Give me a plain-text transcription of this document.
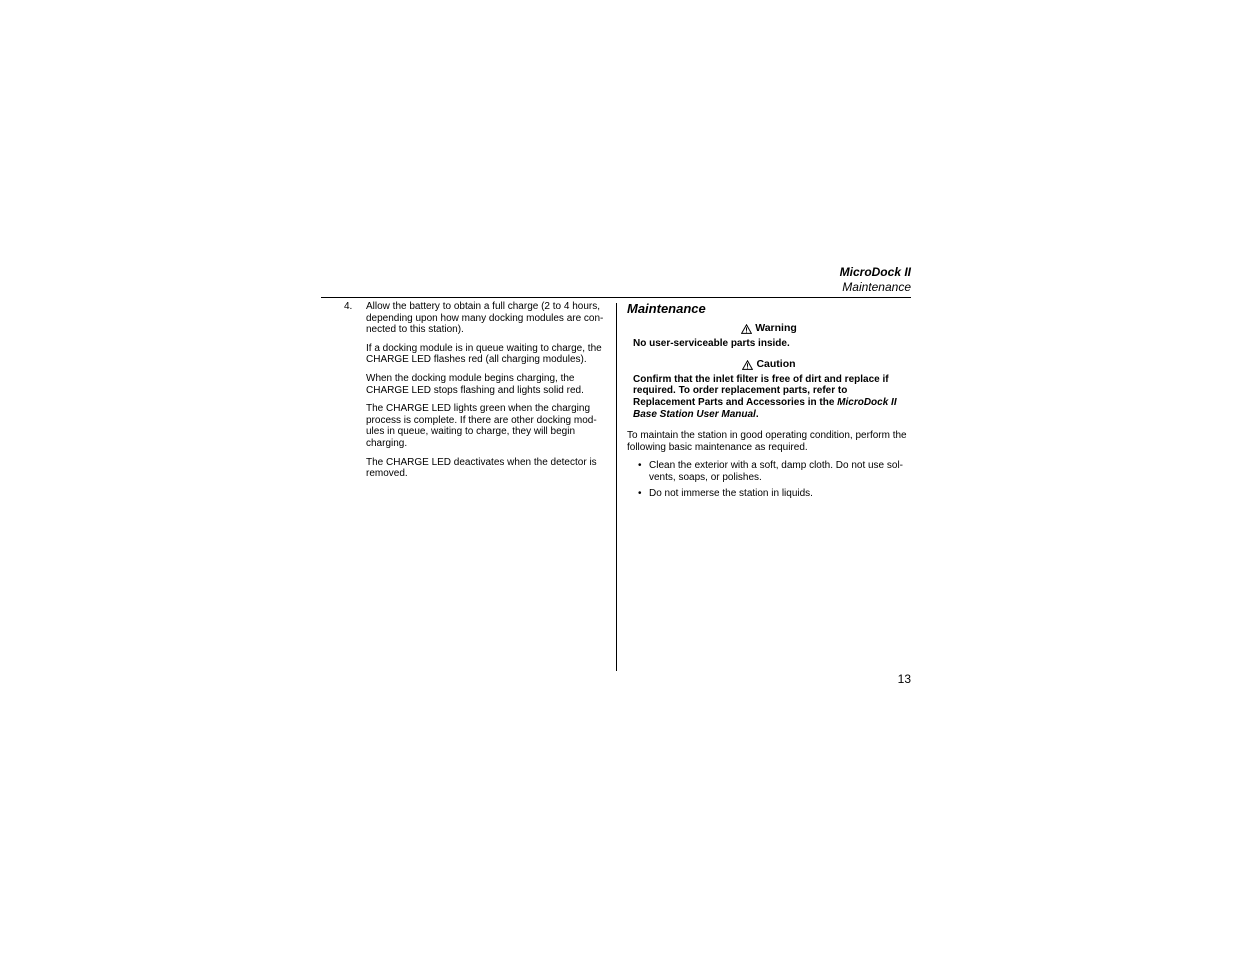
MicroDock II
Maintenance
4. Allow the battery to obtain a full charge (2 to 4 hours, depending upon how many docking modules are con-nected to this station).

If a docking module is in queue waiting to charge, the CHARGE LED flashes red (all charging modules).

When the docking module begins charging, the CHARGE LED stops flashing and lights solid red.

The CHARGE LED lights green when the charging process is complete. If there are other docking mod-ules in queue, waiting to charge, they will begin charging.

The CHARGE LED deactivates when the detector is removed.

Maintenance
Warning

No user-serviceable parts inside.

Caution

Confirm that the inlet filter is free of dirt and replace if required. To order replacement parts, refer to Replacement Parts and Accessories in the MicroDock II Base Station User Manual.

To maintain the station in good operating condition, perform the following basic maintenance as required.

• Clean the exterior with a soft, damp cloth. Do not use sol-vents, soaps, or polishes.
• Do not immerse the station in liquids.
13
